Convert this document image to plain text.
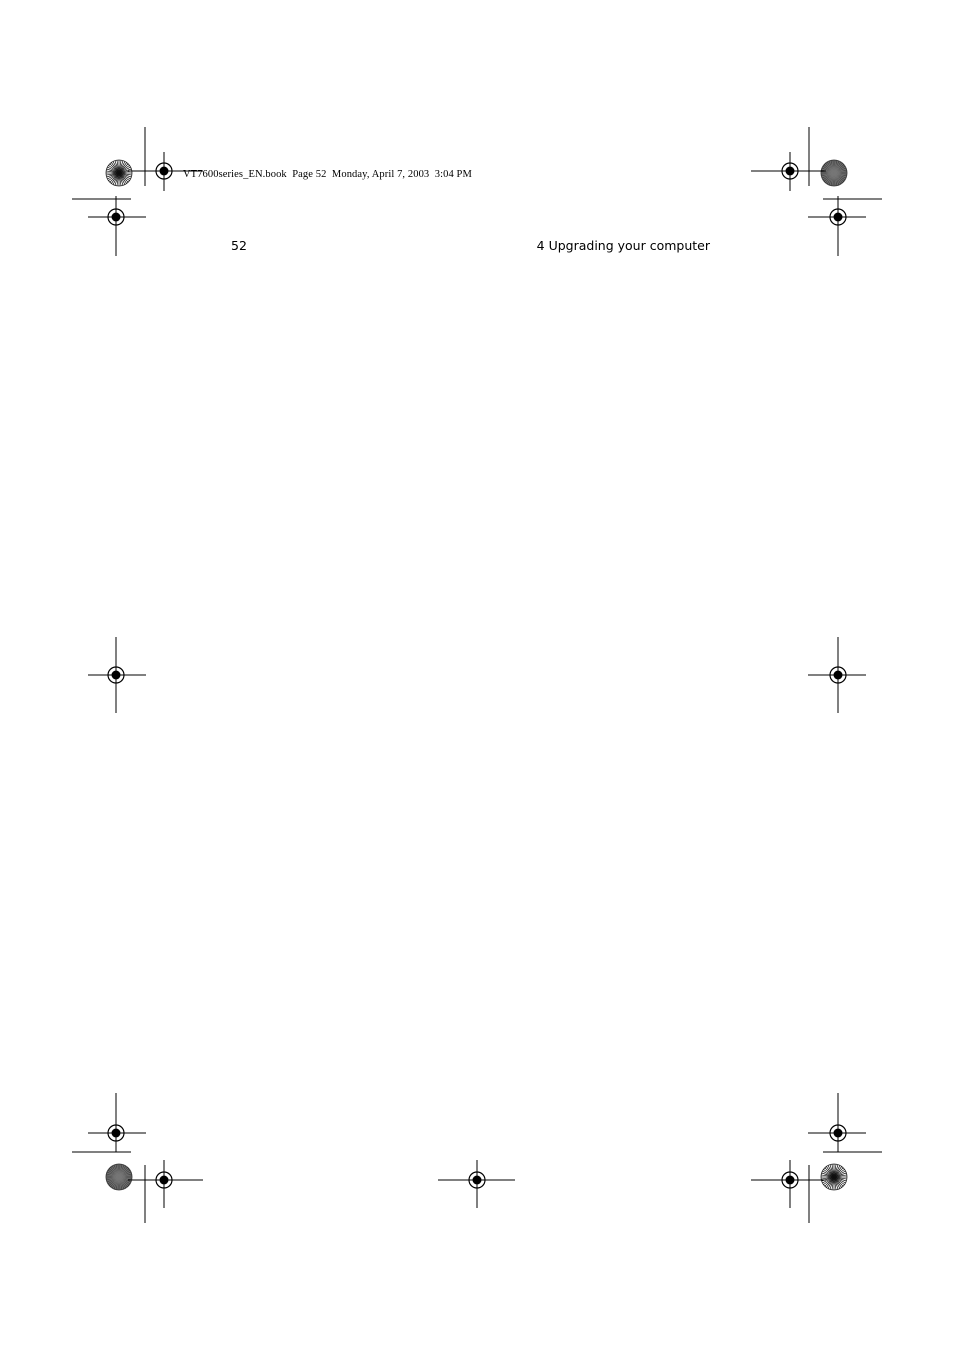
VT7600series_EN.book  Page 52  Monday, April 7, 2003  3:04 PM
52	4 Upgrading your computer
